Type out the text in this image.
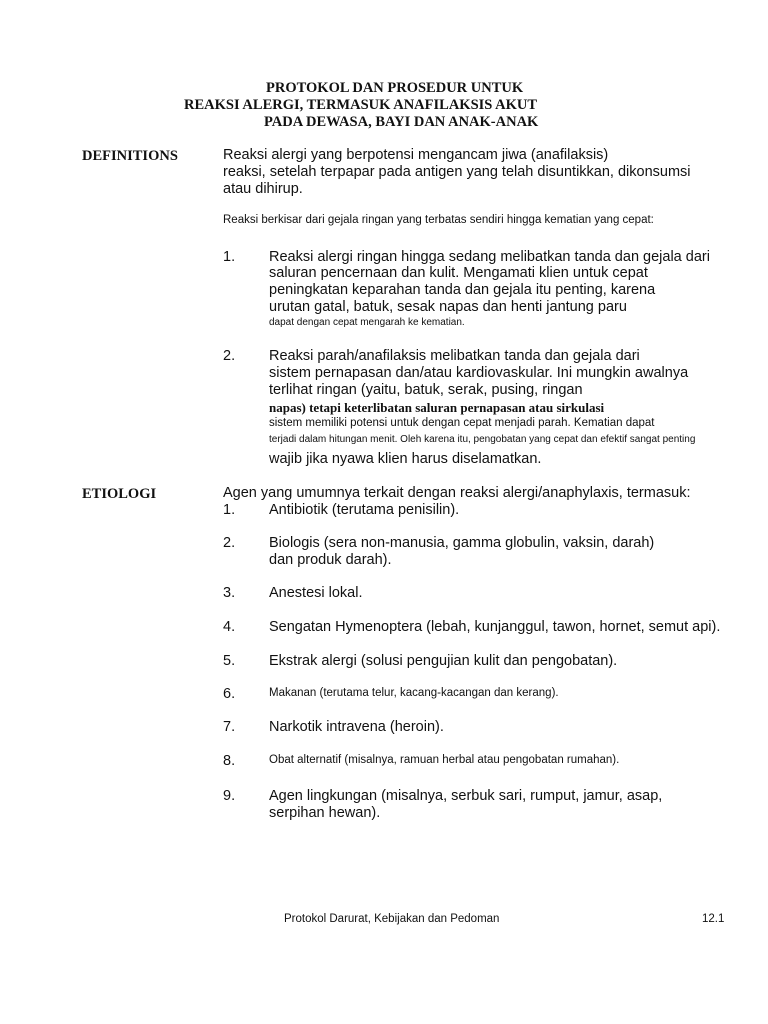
PROTOKOL DAN PROSEDUR UNTUK
REAKSI ALERGI, TERMASUK ANAFILAKSIS AKUT
PADA DEWASA, BAYI DAN ANAK-ANAK
DEFINITIONS	Reaksi alergi yang berpotensi mengancam jiwa (anafilaksis)
reaksi, setelah terpapar pada antigen yang telah disuntikkan, dikonsumsi
atau dihirup.
Reaksi berkisar dari gejala ringan yang terbatas sendiri hingga kematian yang cepat:
1. Reaksi alergi ringan hingga sedang melibatkan tanda dan gejala dari
saluran pencernaan dan kulit. Mengamati klien untuk cepat
peningkatan keparahan tanda dan gejala itu penting, karena
urutan gatal, batuk, sesak napas dan henti jantung paru
dapat dengan cepat mengarah ke kematian.
2. Reaksi parah/anafilaksis melibatkan tanda dan gejala dari
sistem pernapasan dan/atau kardiovaskular. Ini mungkin awalnya
terlihat ringan (yaitu, batuk, serak, pusing, ringan
napas) tetapi keterlibatan saluran pernapasan atau sirkulasi
sistem memiliki potensi untuk dengan cepat menjadi parah. Kematian dapat
terjadi dalam hitungan menit. Oleh karena itu, pengobatan yang cepat dan efektif sangat penting
wajib jika nyawa klien harus diselamatkan.
ETIOLOGI	Agen yang umumnya terkait dengan reaksi alergi/anaphylaxis, termasuk:
1. Antibiotik (terutama penisilin).
2. Biologis (sera non-manusia, gamma globulin, vaksin, darah)
dan produk darah).
3. Anestesi lokal.
4. Sengatan Hymenoptera (lebah, kunjanggul, tawon, hornet, semut api).
5. Ekstrak alergi (solusi pengujian kulit dan pengobatan).
6.	Makanan (terutama telur, kacang-kacangan dan kerang).
7. Narkotik intravena (heroin).
8.	Obat alternatif (misalnya, ramuan herbal atau pengobatan rumahan).
9. Agen lingkungan (misalnya, serbuk sari, rumput, jamur, asap,
serpihan hewan).
Protokol Darurat, Kebijakan dan Pedoman	12.1
